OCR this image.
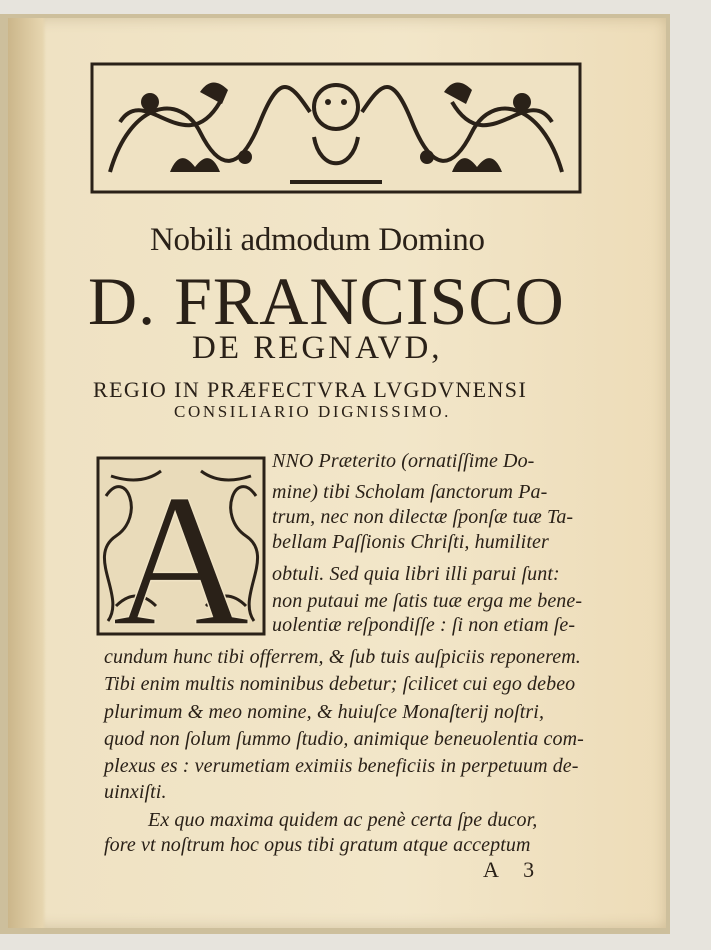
Nobili admodum Domino
D. FRANCISCO
DE REGNAVD,
REGIO IN PRÆFECTVRA LVGDVNENSI
CONSILIARIO DIGNISSIMO.
A NNO Præterito (ornatiſſime Do-
mine) tibi Scholam ſanctorum Pa-
trum, nec non dilectæ ſponſæ tuæ Ta-
bellam Paſſionis Chriſti, humiliter
obtuli. Sed quia libri illi parui ſunt:
non putaui me ſatis tuæ erga me bene-
uolentiæ reſpondiſſe : ſi non etiam ſe-
cundum hunc tibi offerrem, & ſub tuis auſpiciis reponerem.
Tibi enim multis nominibus debetur; ſcilicet cui ego debeo
plurimum & meo nomine, & huiuſce Monaſterij noſtri,
quod non ſolum ſummo ſtudio, animique beneuolentia com-
plexus es : verumetiam eximiis beneficiis in perpetuum de-
uinxiſti.
Ex quo maxima quidem ac penè certa ſpe ducor,
fore vt noſtrum hoc opus tibi gratum atque acceptum
A 3
